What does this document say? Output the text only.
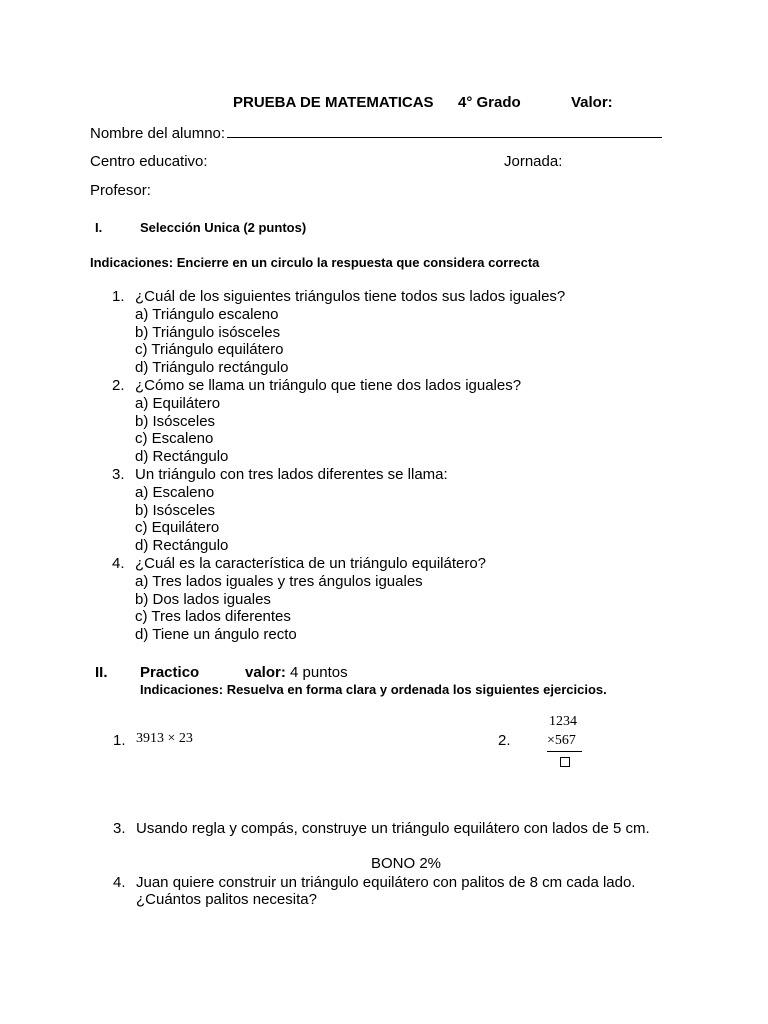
PRUEBA DE MATEMATICAS 4° Grado	Valor:
Nombre del alumno:
Centro educativo:	Jornada:
Profesor:
I.	Selección Unica (2 puntos)
Indicaciones: Encierre en un circulo la respuesta que considera correcta
1. ¿Cuál de los siguientes triángulos tiene todos sus lados iguales?
a) Triángulo escaleno
b) Triángulo isósceles
c) Triángulo equilátero
d) Triángulo rectángulo
2. ¿Cómo se llama un triángulo que tiene dos lados iguales?
a) Equilátero
b) Isósceles
c) Escaleno
d) Rectángulo
3. Un triángulo con tres lados diferentes se llama:
a) Escaleno
b) Isósceles
c) Equilátero
d) Rectángulo
4. ¿Cuál es la característica de un triángulo equilátero?
a) Tres lados iguales y tres ángulos iguales
b) Dos lados iguales
c) Tres lados diferentes
d) Tiene un ángulo recto
II. Practico	valor: 4 puntos
Indicaciones: Resuelva en forma clara y ordenada los siguientes ejercicios.
1. 3913 × 23	2.
1234
×567
3. Usando regla y compás, construye un triángulo equilátero con lados de 5 cm.
BONO 2%
4. Juan quiere construir un triángulo equilátero con palitos de 8 cm cada lado.
¿Cuántos palitos necesita?
